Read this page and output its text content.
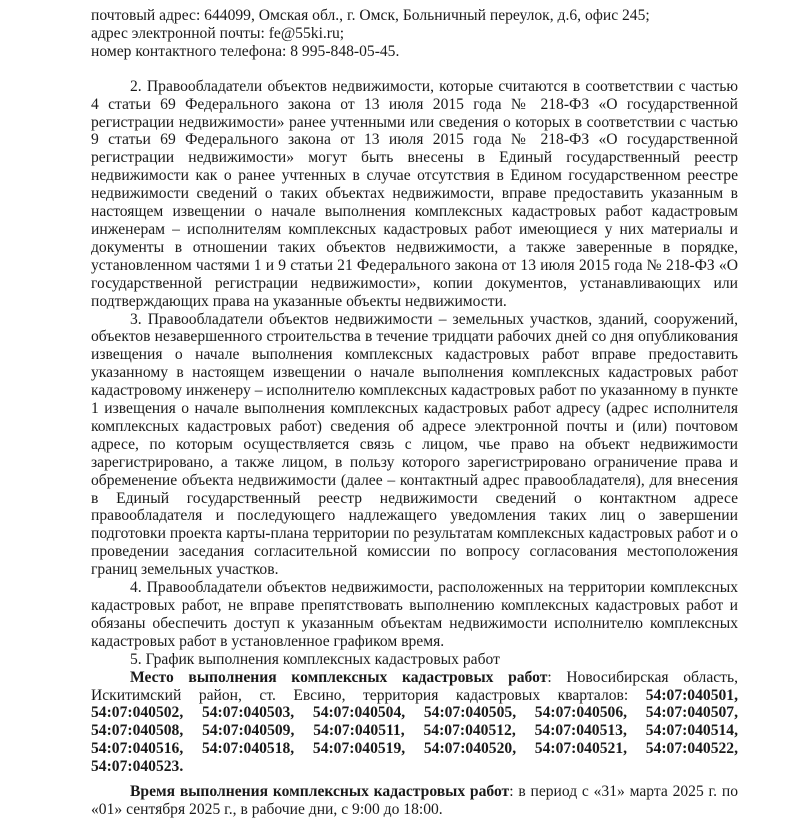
почтовый адрес: 644099, Омская обл., г. Омск, Больничный переулок, д.6, офис 245;

адрес электронной почты: fe@55ki.ru;

номер контактного телефона: 8 995-848-05-45.

2. Правообладатели объектов недвижимости, которые считаются в соответствии с частью 4 статьи 69 Федерального закона от 13 июля 2015 года № 218-ФЗ «О государственной регистрации недвижимости» ранее учтенными или сведения о которых в соответствии с частью 9 статьи 69 Федерального закона от 13 июля 2015 года № 218-ФЗ «О государственной регистрации недвижимости» могут быть внесены в Единый государственный реестр недвижимости как о ранее учтенных в случае отсутствия в Едином государственном реестре недвижимости сведений о таких объектах недвижимости, вправе предоставить указанным в настоящем извещении о начале выполнения комплексных кадастровых работ кадастровым инженерам – исполнителям комплексных кадастровых работ имеющиеся у них материалы и документы в отношении таких объектов недвижимости, а также заверенные в порядке, установленном частями 1 и 9 статьи 21 Федерального закона от 13 июля 2015 года № 218-ФЗ «О государственной регистрации недвижимости», копии документов, устанавливающих или подтверждающих права на указанные объекты недвижимости.

3. Правообладатели объектов недвижимости – земельных участков, зданий, сооружений, объектов незавершенного строительства в течение тридцати рабочих дней со дня опубликования извещения о начале выполнения комплексных кадастровых работ вправе предоставить указанному в настоящем извещении о начале выполнения комплексных кадастровых работ кадастровому инженеру – исполнителю комплексных кадастровых работ по указанному в пункте 1 извещения о начале выполнения комплексных кадастровых работ адресу (адрес исполнителя комплексных кадастровых работ) сведения об адресе электронной почты и (или) почтовом адресе, по которым осуществляется связь с лицом, чье право на объект недвижимости зарегистрировано, а также лицом, в пользу которого зарегистрировано ограничение права и обременение объекта недвижимости (далее – контактный адрес правообладателя), для внесения в Единый государственный реестр недвижимости сведений о контактном адресе правообладателя и последующего надлежащего уведомления таких лиц о завершении подготовки проекта карты-плана территории по результатам комплексных кадастровых работ и о проведении заседания согласительной комиссии по вопросу согласования местоположения границ земельных участков.

4. Правообладатели объектов недвижимости, расположенных на территории комплексных кадастровых работ, не вправе препятствовать выполнению комплексных кадастровых работ и обязаны обеспечить доступ к указанным объектам недвижимости исполнителю комплексных кадастровых работ в установленное графиком время.

5. График выполнения комплексных кадастровых работ

Место выполнения комплексных кадастровых работ: Новосибирская область, Искитимский район, ст. Евсино, территория кадастровых кварталов: 54:07:040501, 54:07:040502, 54:07:040503, 54:07:040504, 54:07:040505, 54:07:040506, 54:07:040507, 54:07:040508, 54:07:040509, 54:07:040511, 54:07:040512, 54:07:040513, 54:07:040514, 54:07:040516, 54:07:040518, 54:07:040519, 54:07:040520, 54:07:040521, 54:07:040522, 54:07:040523.

Время выполнения комплексных кадастровых работ: в период с «31» марта 2025 г. по «01» сентября 2025 г., в рабочие дни, с 9:00 до 18:00.
